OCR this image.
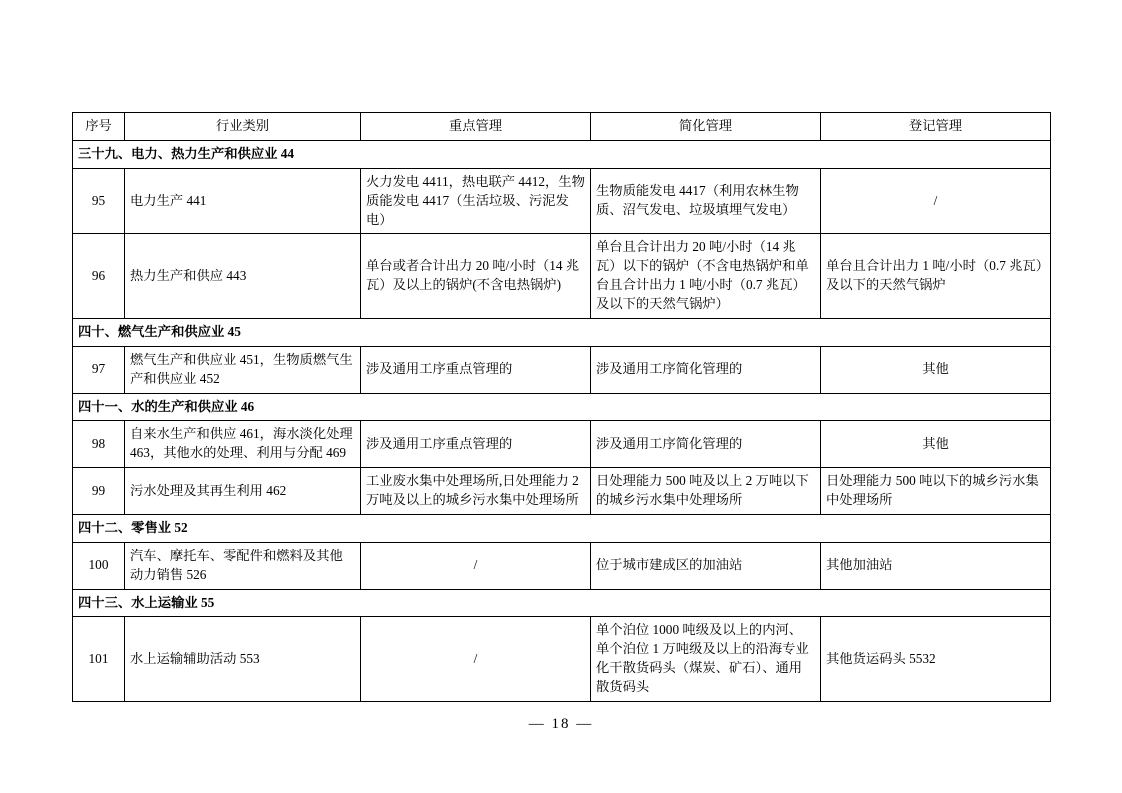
序号	行业类别	重点管理	简化管理	登记管理
三十九、电力、热力生产和供应业 44				
95	电力生产 441	火力发电 4411，热电联产 4412，生物质能发电 4417（生活垃圾、污泥发电）	生物质能发电 4417（利用农林生物质、沼气发电、垃圾填埋气发电）	/
96	热力生产和供应 443	单台或者合计出力 20 吨/小时（14 兆瓦）及以上的锅炉(不含电热锅炉)	单台且合计出力 20 吨/小时（14 兆瓦）以下的锅炉（不含电热锅炉和单台且合计出力 1 吨/小时（0.7 兆瓦）及以下的天然气锅炉）	单台且合计出力 1 吨/小时（0.7 兆瓦）及以下的天然气锅炉
四十、燃气生产和供应业 45				
97	燃气生产和供应业 451，生物质燃气生产和供应业 452	涉及通用工序重点管理的	涉及通用工序简化管理的	其他
四十一、水的生产和供应业 46				
98	自来水生产和供应 461，海水淡化处理 463，其他水的处理、利用与分配 469	涉及通用工序重点管理的	涉及通用工序简化管理的	其他
99	污水处理及其再生利用 462	工业废水集中处理场所,日处理能力 2 万吨及以上的城乡污水集中处理场所	日处理能力 500 吨及以上 2 万吨以下的城乡污水集中处理场所	日处理能力 500 吨以下的城乡污水集中处理场所
四十二、零售业 52				
100	汽车、摩托车、零配件和燃料及其他动力销售 526	/	位于城市建成区的加油站	其他加油站
四十三、水上运输业 55				
101	水上运输辅助活动 553	/	单个泊位 1000 吨级及以上的内河、单个泊位 1 万吨级及以上的沿海专业化干散货码头（煤炭、矿石）、通用散货码头	其他货运码头 5532
— 18 —
